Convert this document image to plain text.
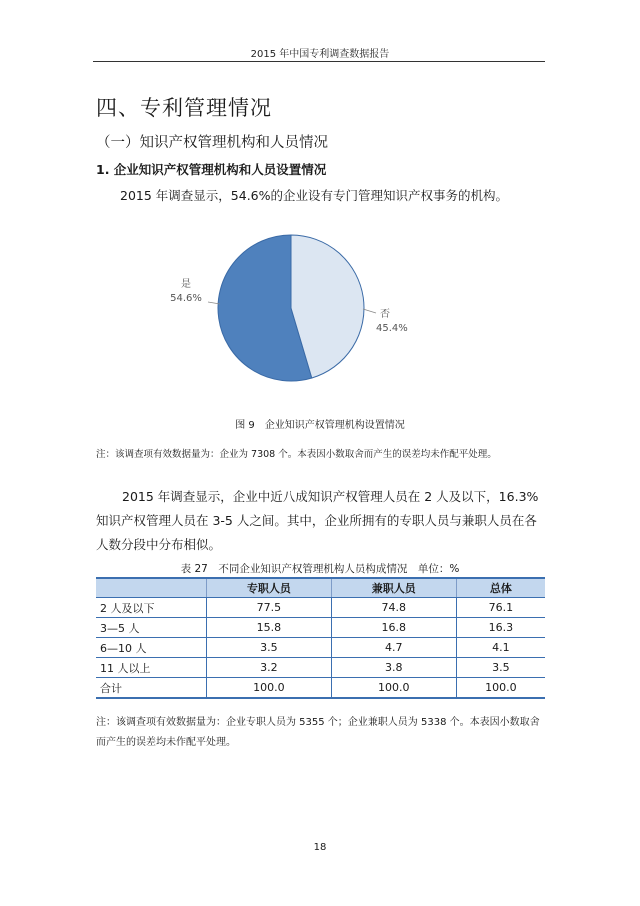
2015 年中国专利调查数据报告
四、专利管理情况
（一）知识产权管理机构和人员情况
1. 企业知识产权管理机构和人员设置情况
2015 年调查显示，54.6%的企业设有专门管理知识产权事务的机构。
是
54.6%
否
45.4%
图 9　企业知识产权管理机构设置情况
注：该调查项有效数据量为：企业为 7308 个。本表因小数取舍而产生的误差均未作配平处理。
2015 年调查显示，企业中近八成知识产权管理人员在 2 人及以下，16.3%知识产权管理人员在 3-5 人之间。其中，企业所拥有的专职人员与兼职人员在各人数分段中分布相似。
表 27　不同企业知识产权管理机构人员构成情况　单位：%
	专职人员	兼职人员	总体
2 人及以下	77.5	74.8	76.1
3—5 人	15.8	16.8	16.3
6—10 人	3.5	4.7	4.1
11 人以上	3.2	3.8	3.5
合计	100.0	100.0	100.0
注：该调查项有效数据量为：企业专职人员为 5355 个；企业兼职人员为 5338 个。本表因小数取舍而产生的误差均未作配平处理。
18
